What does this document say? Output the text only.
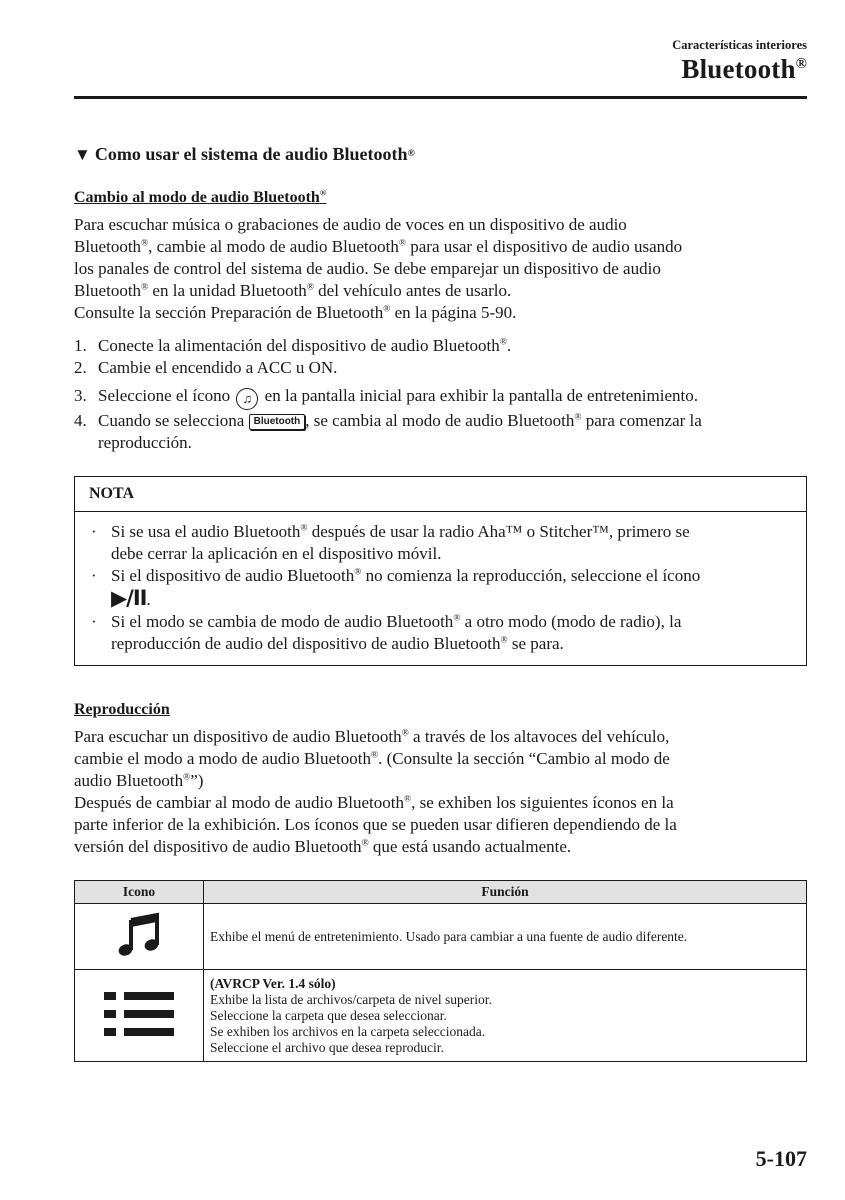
Características interiores
Bluetooth®
▼ Como usar el sistema de audio Bluetooth ®
Cambio al modo de audio Bluetooth®
Para escuchar música o grabaciones de audio de voces en un dispositivo de audio
Bluetooth®, cambie al modo de audio Bluetooth® para usar el dispositivo de audio usando
los panales de control del sistema de audio. Se debe emparejar un dispositivo de audio
Bluetooth® en la unidad Bluetooth® del vehículo antes de usarlo.
Consulte la sección Preparación de Bluetooth® en la página 5-90.
1. Conecte la alimentación del dispositivo de audio Bluetooth®.
2. Cambie el encendido a ACC u ON.
3. Seleccione el ícono ♫ en la pantalla inicial para exhibir la pantalla de entretenimiento.
4. Cuando se selecciona Bluetooth , se cambia al modo de audio Bluetooth® para comenzar la
reproducción.
NOTA
· Si se usa el audio Bluetooth® después de usar la radio Aha™ o Stitcher™, primero se
debe cerrar la aplicación en el dispositivo móvil.
· Si el dispositivo de audio Bluetooth® no comienza la reproducción, seleccione el ícono
▶/II.
· Si el modo se cambia de modo de audio Bluetooth® a otro modo (modo de radio), la
reproducción de audio del dispositivo de audio Bluetooth® se para.
Reproducción
Para escuchar un dispositivo de audio Bluetooth® a través de los altavoces del vehículo,
cambie el modo a modo de audio Bluetooth®. (Consulte la sección “Cambio al modo de
audio Bluetooth®”)
Después de cambiar al modo de audio Bluetooth®, se exhiben los siguientes íconos en la
parte inferior de la exhibición. Los íconos que se pueden usar difieren dependiendo de la
versión del dispositivo de audio Bluetooth® que está usando actualmente.
Icono	Función
	Exhibe el menú de entretenimiento. Usado para cambiar a una fuente de audio diferente.

(AVRCP Ver. 1.4 sólo)
Exhibe la lista de archivos/carpeta de nivel superior.
Seleccione la carpeta que desea seleccionar.
Se exhiben los archivos en la carpeta seleccionada.
Seleccione el archivo que desea reproducir.
5-107
